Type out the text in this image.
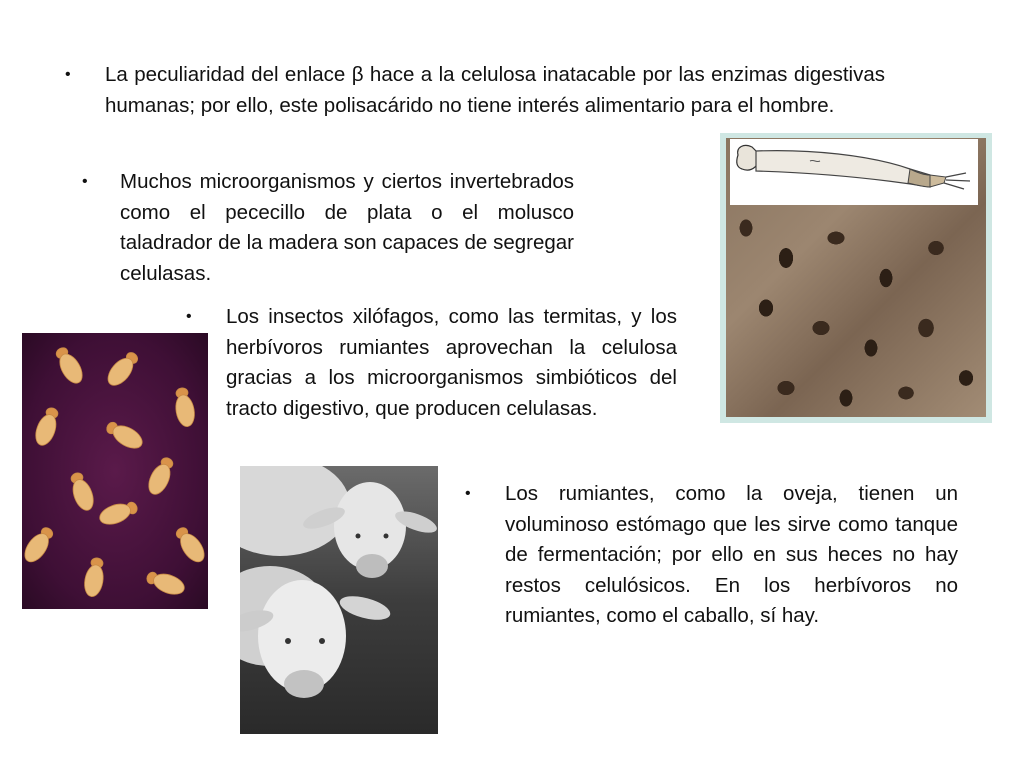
• La peculiaridad del enlace β hace a la celulosa inatacable por las enzimas digestivas humanas; por ello, este polisacárido no tiene interés alimentario para el hombre.

• Muchos microorganismos y ciertos invertebrados como el pececillo de plata o el molusco taladrador de la madera son capaces de segregar celulasas.

• Los insectos xilófagos, como las termitas, y los herbívoros rumiantes aprovechan la celulosa gracias a los microorganismos simbióticos del tracto digestivo, que producen celulasas.

• Los rumiantes, como la oveja, tienen un voluminoso estómago que les sirve como tanque de fermentación; por ello en sus heces no hay restos celulósicos. En los herbívoros no rumiantes, como el caballo, sí hay.
